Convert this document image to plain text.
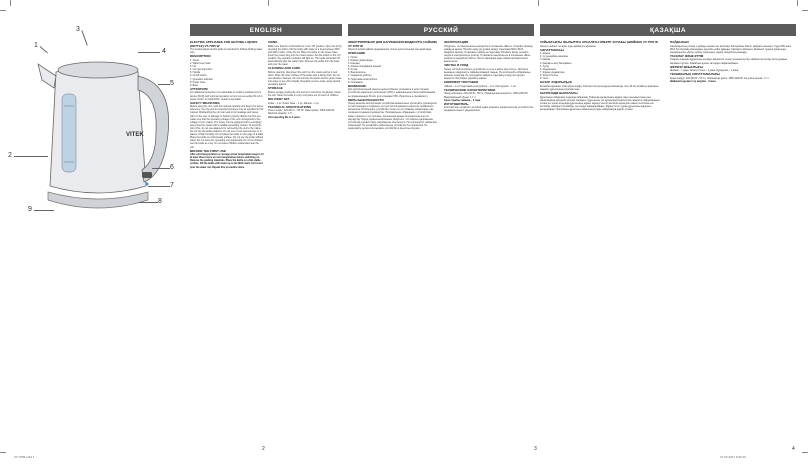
VT-7055.indd 1	27.04.2017 9:39:10
VITEK
1
2
3
4
5
6
7
8
9
ENGLISH
ELECTRIC APPLIANCE FOR HEATING LIQUIDS (KETTLE) VT-7055 W

The heating liquid electric kettle is intended for boiling drinking water only.

DESCRIPTION

1. Spout

2. Water level mark

3. Lid

4. Lid opening button

5. Handle

6. On/off switch

7. Operation indicator

8. Power base

9. Base

ATTENTION!

For additional protection it is reasonable to install a residual current device (RCD) with nominal operation current not exceeding 30 mA in power circuit; to install RCD, contact a specialist.

SAFETY MEASURES

Before using the unit, read this manual carefully and keep it for future reference. Use the unit for intended purposes only as specified in this manual. Mishandling the unit can lead to its breakage and cause harm to the user or damage to his/her property. Before the first use make sure that the operating voltage of the unit corresponds to the voltage of your mains. The power cord is equipped with a 'europlug'; plug it into the socket with a reliable grounding contact. To avoid the risk of fire, do not use adapters for connecting the unit to the mains. Do not use the kettle outdoors. Do not use it near heat sources or in places of high humidity. Do not place the kettle on the edge of a table. Place the kettle on a flat steady surface. Do not use the kettle without water. Do not leave the operating unit unattended. Do not let children use the kettle as a toy. Do not leave children unattended near the unit.

BEFORE THE FIRST USE

After unit transportation or storage at low temperature keep it for at least three hours at room temperature before switching on. Remove the packing materials. Place the kettle on a flat stable surface. Fill the kettle with water up to the MAX mark, boil it and pour the water out. Repeat this procedure twice.

USING

Make sure that the on/off switch is in the 'Off' position. Open the lid by pressing the button. Fill the kettle with water to a level between MIN and MAX marks. Close the lid. Place the kettle on the power base. Insert the power plug into the mains socket. Set the switch to the 'On' position; the operation indicator will light up. The kettle will switch off automatically after the water boils. Remove the kettle from the base and pour the water.

CLEANING AND CARE

Before cleaning, disconnect the unit from the mains and let it cool down. Wipe the outer surface of the kettle with a damp cloth. Do not use abrasive cleaners. Do not immerse the kettle and the power base into water or any other liquids. Regularly remove scale using special descaling agents.

STORAGE

Before storage unplug the unit and let it cool down completely. Clean the unit. Store the kettle in a dry cool place out of reach of children.

DELIVERY SET

Kettle – 1 pc. Power base – 1 pc. Manual – 1 pc.

TECHNICAL SPECIFICATIONS

Power supply: 220-240 V ~ 50 Hz. Rated power: 1850-2200 W. Maximal capacity: 1.7 l.

Unit operating life is 3 years.

РУССКИЙ
ЭЛЕКТРОПРИБОР ДЛЯ НАГРЕВАНИЯ ЖИДКОСТИ (ЧАЙНИК) VT-7055 W

Электрический чайник предназначен только для кипячения питьевой воды.

ОПИСАНИЕ

1. Носик

2. Шкала уровня воды

3. Крышка

4. Кнопка открывания крышки

5. Ручка

6. Выключатель

7. Индикатор работы

8. Подставка-электроблок

9. Основание

ВНИМАНИЕ!

Для дополнительной защиты целесообразно установить в цепи питания устройство защитного отключения (УЗО) с номинальным током срабатывания, не превышающим 30 мА; для установки УЗО обратитесь к специалисту.

МЕРЫ БЕЗОПАСНОСТИ

Перед началом эксплуатации устройства внимательно прочитайте руководство по эксплуатации и сохраните его для использования в качестве справочного материала. Используйте устройство только по его прямому назначению, как изложено в данном руководстве. Неправильное обращение с устройством может привести к его поломке, причинению вреда пользователю или его имуществу. Перед первым включением убедитесь, что рабочее напряжение устройства соответствует напряжению электросети. Не используйте чайник вне помещений. Не оставляйте работающее устройство без присмотра. Не разрешайте детям использовать устройство в качестве игрушки.

ЭКСПЛУАТАЦИЯ

Убедитесь, что выключатель находится в положении «Выкл». Откройте крышку, нажав на кнопку. Налейте воду до уровня между отметками MIN и MAX. Закройте крышку. Установите чайник на подставку. Вставьте вилку сетевого шнура в электрическую розетку. Установите выключатель в положение «Вкл», загорится индикатор работы. После закипания воды чайник автоматически выключится.

ЧИСТКА И УХОД

Перед чисткой отключите устройство от сети и дайте ему остыть. Протрите внешнюю поверхность чайника влажной тканью. Не используйте абразивные моющие средства. Не погружайте чайник и подставку в воду или другие жидкости. Регулярно удаляйте накипь.

КОМПЛЕКТ ПОСТАВКИ

Чайник – 1 шт. Подставка-электроблок – 1 шт. Инструкция – 1 шт.

ТЕХНИЧЕСКИЕ ХАРАКТЕРИСТИКИ

Электропитание: 220-240 В ~ 50 Гц. Номинальная мощность: 1850-2200 Вт. Максимальный объем: 1,7 л.

Срок службы чайника – 3 года.

ИЗГОТОВИТЕЛЬ

Изготовитель оставляет за собой право изменять характеристики устройств без предварительного уведомления.

ҚАЗАҚША
СҰЙЫҚТЫҚТЫ ЖЫЛЫТУҒА АРНАЛҒАН ЭЛЕКТР АСПАБЫ (ШӘЙНЕК) VT-7055 W

Электр шәйнегі тек ауыз суды қайнатуға арналған.

СИПАТТАМАСЫ

1. Шүмек

2. Су деңгейінің шкаласы

3. Қақпақ

4. Қақпақты ашу батырмасы

5. Тұтқа

6. Ажыратқыш

7. Жұмыс индикаторы

8. Электр блогы

9. Негіз

НАЗАР АУДАРЫҢЫЗ!

Қосымша қорғаныс үшін қоректендіру тізбегіне іске қосылудың номиналды тогы 30 мА аспайтын қорғаныш ажырату құрылғысын орнатқан жөн.

ҚАУІПСІЗДІК ШАРАЛАРЫ

Құрылғыны пайдалану алдында пайдалану бойынша нұсқаулықты мұқият оқып шығыңыз және оны анықтамалық материал ретінде сақтаңыз. Құрылғыны тек нұсқаулықта көрсетілген мақсатта пайдаланыңыз. Алғаш рет қосар алдында құрылғының жұмыс кернеуі электр желісінің кернеуіне сәйкес келетініне көз жеткізіңіз. Шәйнекті үй-жайдан тыс жерде пайдаланбаңыз. Жұмыс істеп тұрған құрылғыны қараусыз қалдырмаңыз. Балаларға құрылғыны ойыншық ретінде пайдалануға рұқсат етпеңіз.

ПАЙДАЛАНУ

Ажыратқыштың «Сөнд.» күйінде екеніне көз жеткізіңіз. Батырманы басып, қақпақты ашыңыз. Суды MIN және MAX белгілерінің арасындағы деңгейге дейін құйыңыз. Қақпақты жабыңыз. Шәйнекті тұғырға орнатыңыз. Ажыратқышты «Қосу» күйіне орнатыңыз, жұмыс индикаторы жанады.

ТАЗАЛАУ ЖӘНЕ КҮТІМ

Тазалау алдында құрылғыны желіден ажыратып, оның суығанын күтіңіз. Шәйнектің сыртқы бетін дымқыл матамен сүртіңіз. Қажайтын жуғыш заттарды пайдаланбаңыз.

ЖЕТКІЗУ ЖИЫНТЫҒЫ

Шәйнек – 1 дана. Электр блогы – 1 дана. Нұсқаулық – 1 дана.

ТЕХНИКАЛЫҚ СИПАТТАМАЛАРЫ

Қоректендіру: 220-240 В ~ 50 Гц. Номиналды қуаты: 1850-2200 Вт. Ең үлкен көлемі: 1,7 л.

Шәйнектің қызмет ету мерзімі – 3 жыл.

2	3	4
